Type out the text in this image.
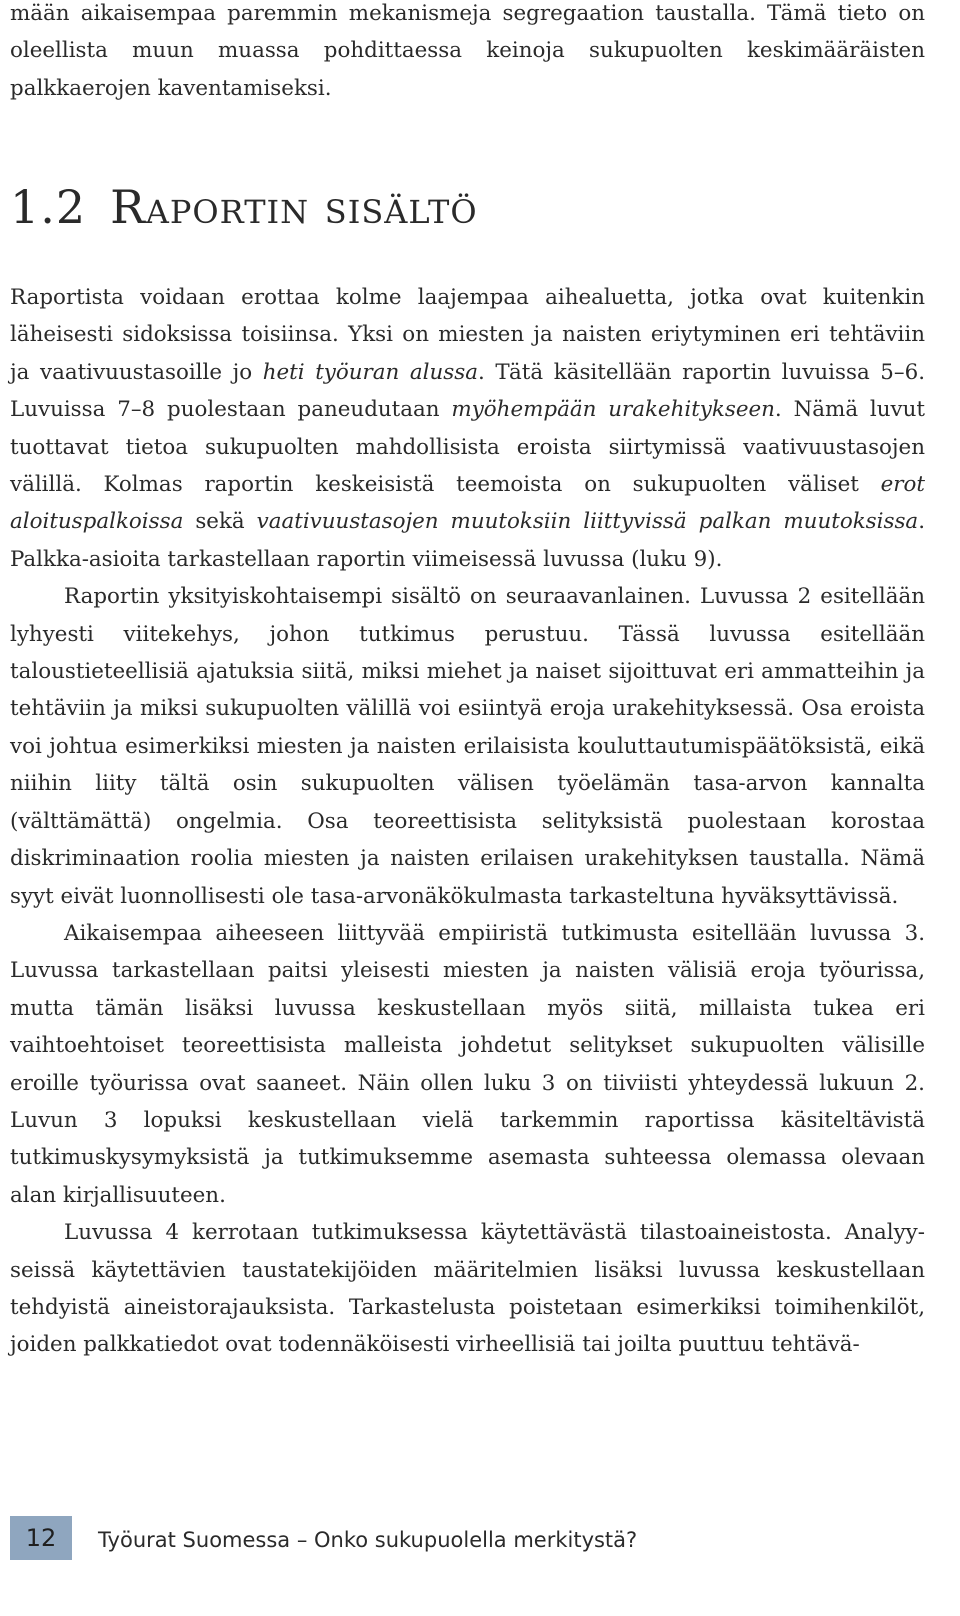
mään aikaisempaa paremmin mekanismeja segregaation taustalla. Tämä tieto on oleellista muun muassa pohdittaessa keinoja sukupuolten keskimääräisten palkkaerojen kaventamiseksi.

1.2 Raportin sisältö

Raportista voidaan erottaa kolme laajempaa aihealuetta, jotka ovat kuitenkin läheisesti sidoksissa toisiinsa. Yksi on miesten ja naisten eriytyminen eri tehtäviin ja vaativuustasoille jo heti työuran alussa. Tätä käsitellään raportin luvuissa 5–6. Luvuissa 7–8 puolestaan paneudutaan myöhempään urakehitykseen. Nämä luvut tuottavat tietoa sukupuolten mahdollisista eroista siirtymissä vaativuustasojen välillä. Kolmas raportin keskeisistä teemoista on sukupuolten väliset erot aloituspalkoissa sekä vaativuustasojen muutoksiin liittyvissä palkan muutoksissa. Palkka-asioita tarkastellaan raportin viimeisessä luvussa (luku 9).

Raportin yksityiskohtaisempi sisältö on seuraavanlainen. Luvussa 2 esitellään lyhyesti viitekehys, johon tutkimus perustuu. Tässä luvussa esitellään taloustieteellisiä ajatuksia siitä, miksi miehet ja naiset sijoittuvat eri ammatteihin ja tehtäviin ja miksi sukupuolten välillä voi esiintyä eroja urakehityksessä. Osa eroista voi johtua esimerkiksi miesten ja naisten erilaisista kouluttautumispäätöksistä, eikä niihin liity tältä osin sukupuolten välisen työelämän tasa-arvon kannalta (välttämättä) ongelmia. Osa teoreettisista selityksistä puolestaan korostaa diskriminaation roolia miesten ja naisten erilaisen urakehityksen taustalla. Nämä syyt eivät luonnollisesti ole tasa-arvonäkökulmasta tarkasteltuna hyväksyttävissä.

Aikaisempaa aiheeseen liittyvää empiiristä tutkimusta esitellään luvussa 3. Luvussa tarkastellaan paitsi yleisesti miesten ja naisten välisiä eroja työurissa, mutta tämän lisäksi luvussa keskustellaan myös siitä, millaista tukea eri vaihtoehtoiset teoreettisista malleista johdetut selitykset sukupuolten välisille eroille työurissa ovat saaneet. Näin ollen luku 3 on tiiviisti yhteydessä lukuun 2. Luvun 3 lopuksi keskustellaan vielä tarkemmin raportissa käsiteltävistä tutkimuskysymyksistä ja tutkimuksemme asemasta suhteessa olemassa olevaan alan kirjallisuuteen.

Luvussa 4 kerrotaan tutkimuksessa käytettävästä tilastoaineistosta. Analyyseissä käytettävien taustatekijöiden määritelmien lisäksi luvussa keskustellaan tehdyistä aineistorajauksista. Tarkastelusta poistetaan esimerkiksi toimihenkilöt, joiden palkkatiedot ovat todennäköisesti virheellisiä tai joilta puuttuu tehtävä-

12	Työurat Suomessa – Onko sukupuolella merkitystä?
